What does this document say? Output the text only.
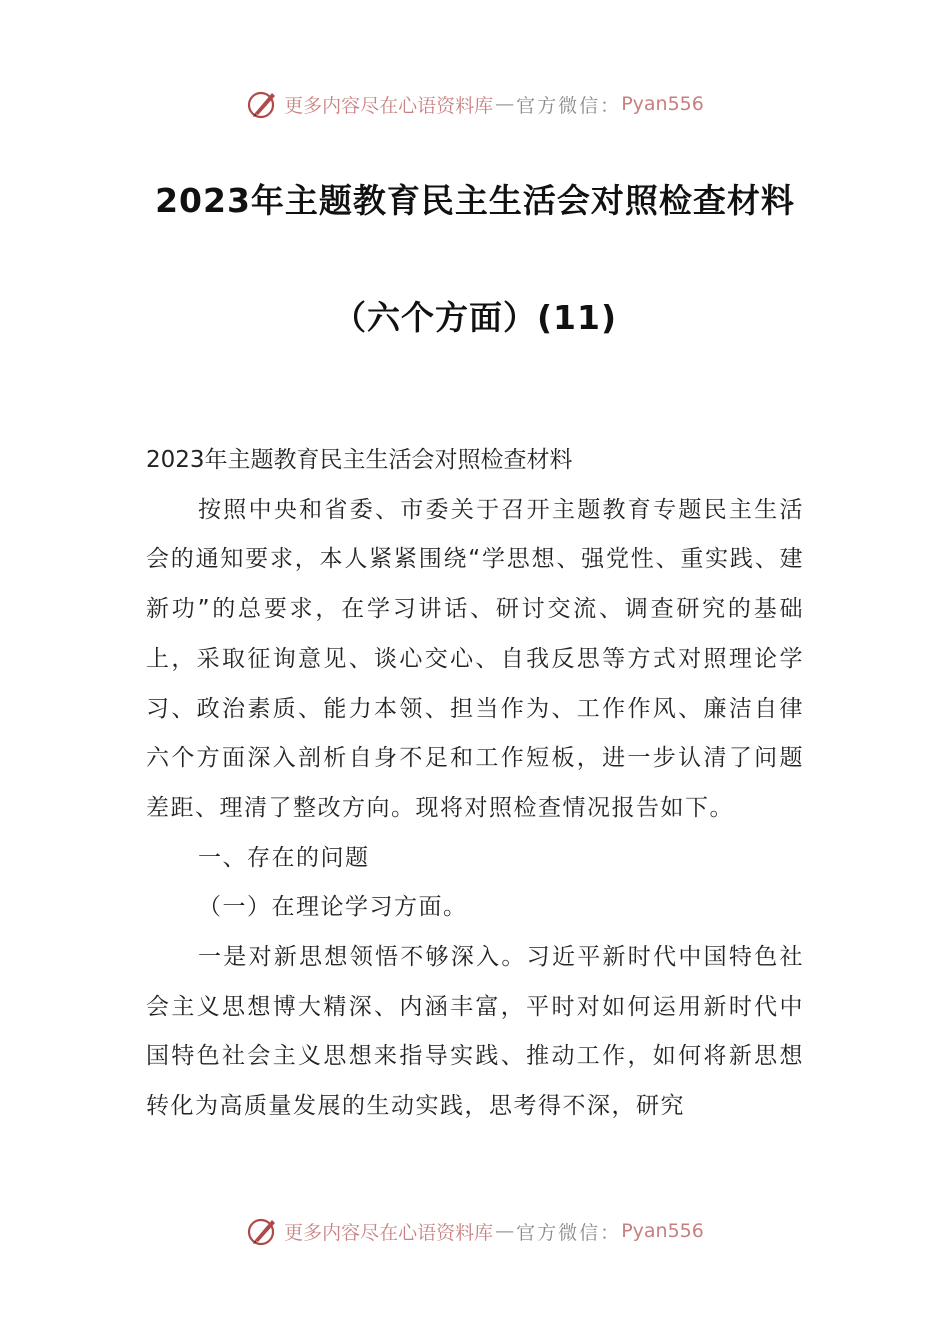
更多内容尽在心语资料库 — 官方微信： Pyan556
2023年主题教育民主生活会对照检查材料
（六个方面）(11)

2023年主题教育民主生活会对照检查材料

按照中央和省委、市委关于召开主题教育专题民主生活会的通知要求，本人紧紧围绕“学思想、强党性、重实践、建新功”的总要求，在学习讲话、研讨交流、调查研究的基础上，采取征询意见、谈心交心、自我反思等方式对照理论学习、政治素质、能力本领、担当作为、工作作风、廉洁自律六个方面深入剖析自身不足和工作短板，进一步认清了问题差距、理清了整改方向。现将对照检查情况报告如下。

一、存在的问题

（一）在理论学习方面。

一是对新思想领悟不够深入。习近平新时代中国特色社会主义思想博大精深、内涵丰富，平时对如何运用新时代中国特色社会主义思想来指导实践、推动工作，如何将新思想转化为高质量发展的生动实践，思考得不深，研究

更多内容尽在心语资料库 — 官方微信： Pyan556
